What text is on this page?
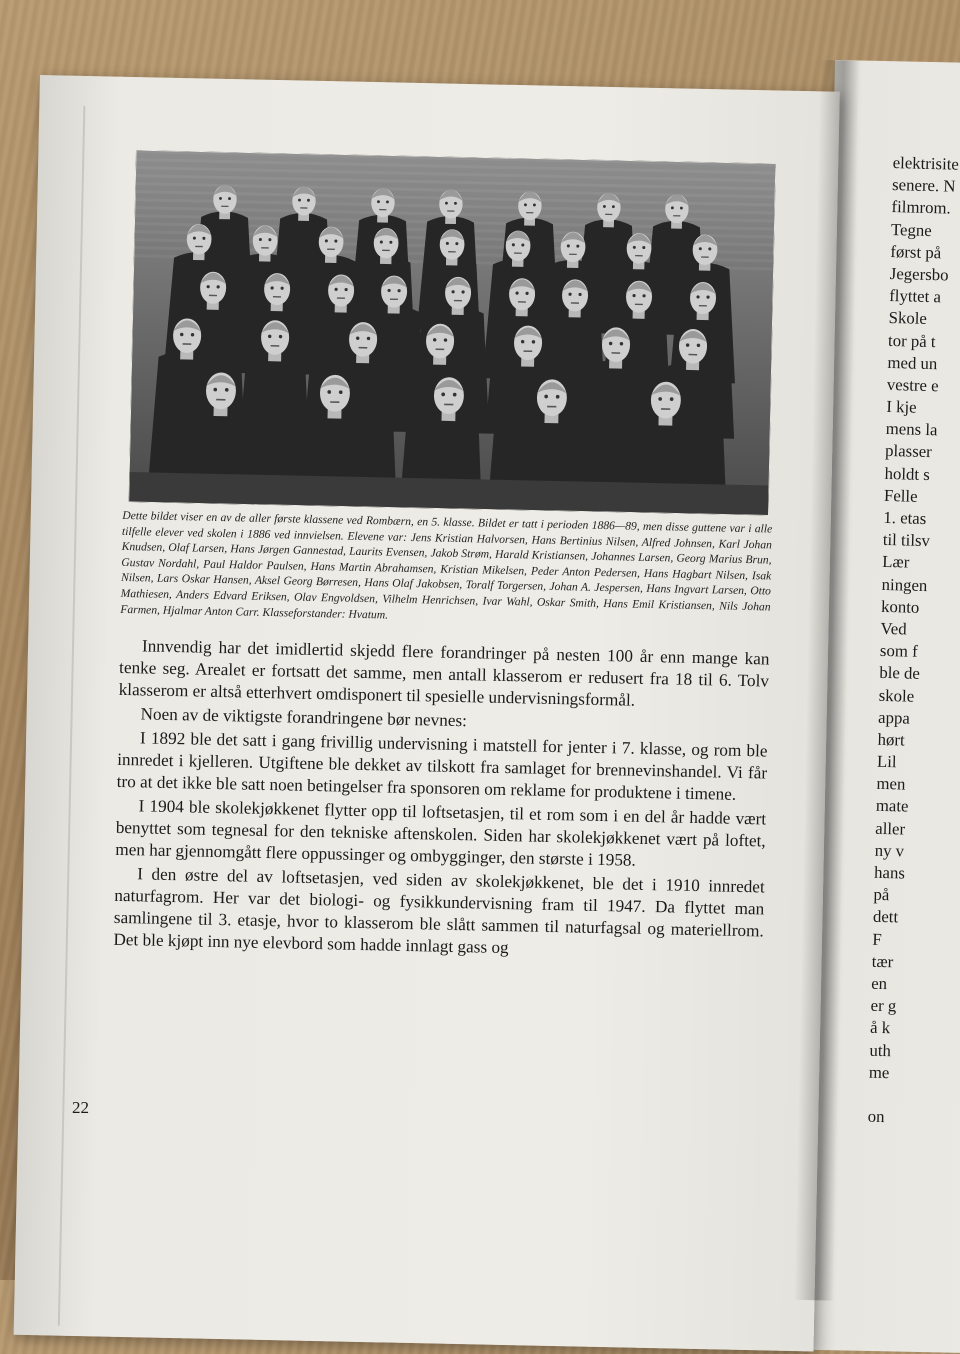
Dette bildet viser en av de aller første klassene ved Rombærn, en 5. klasse. Bildet er tatt i perioden 1886—89, men disse guttene var i alle tilfelle elever ved skolen i 1886 ved innvielsen. Elevene var: Jens Kristian Halvorsen, Hans Bertinius Nilsen, Alfred Johnsen, Karl Johan Knudsen, Olaf Larsen, Hans Jørgen Gannestad, Laurits Evensen, Jakob Strøm, Harald Kristiansen, Johannes Larsen, Georg Marius Brun, Gustav Nordahl, Paul Haldor Paulsen, Hans Martin Abrahamsen, Kristian Mikelsen, Peder Anton Pedersen, Hans Hagbart Nilsen, Isak Nilsen, Lars Oskar Hansen, Aksel Georg Børresen, Hans Olaf Jakobsen, Toralf Torgersen, Johan A. Jespersen, Hans Ingvart Larsen, Otto Mathiesen, Anders Edvard Eriksen, Olav Engvoldsen, Vilhelm Henrichsen, Ivar Wahl, Oskar Smith, Hans Emil Kristiansen, Nils Johan Farmen, Hjalmar Anton Carr. Klasseforstander: Hvatum.

Innvendig har det imidlertid skjedd flere forandringer på nesten 100 år enn mange kan tenke seg. Arealet er fortsatt det samme, men antall klasserom er redusert fra 18 til 6. Tolv klasserom er altså etterhvert omdisponert til spesielle undervisningsformål.

Noen av de viktigste forandringene bør nevnes:

I 1892 ble det satt i gang frivillig undervisning i matstell for jenter i 7. klasse, og rom ble innredet i kjelleren. Utgiftene ble dekket av tilskott fra samlaget for brennevinshandel. Vi får tro at det ikke ble satt noen betingelser fra sponsoren om reklame for produktene i timene.

I 1904 ble skolekjøkkenet flytter opp til loftsetasjen, til et rom som i en del år hadde vært benyttet som tegnesal for den tekniske aftenskolen. Siden har skolekjøkkenet vært på loftet, men har gjennomgått flere oppussinger og ombygginger, den største i 1958.

I den østre del av loftsetasjen, ved siden av skolekjøkkenet, ble det i 1910 innredet naturfagrom. Her var det biologi- og fysikkundervisning fram til 1947. Da flyttet man samlingene til 3. etasje, hvor to klasserom ble slått sammen til naturfagsal og materiellrom. Det ble kjøpt inn nye elevbord som hadde innlagt gass og

22
elektrisite
senere. N
filmrom.
Tegne
først på
Jegersbo
flyttet a
Skole
tor på t
med un
vestre e
I kje
mens la
plasser
holdt s
Felle
1. etas
til tilsv
Lær
ningen
konto
Ved
som f
ble de
skole
appa
hørt
Lil
men
mate
aller
ny v
hans
på
dett
F
tær
en
er g
å k
uth
me
on
